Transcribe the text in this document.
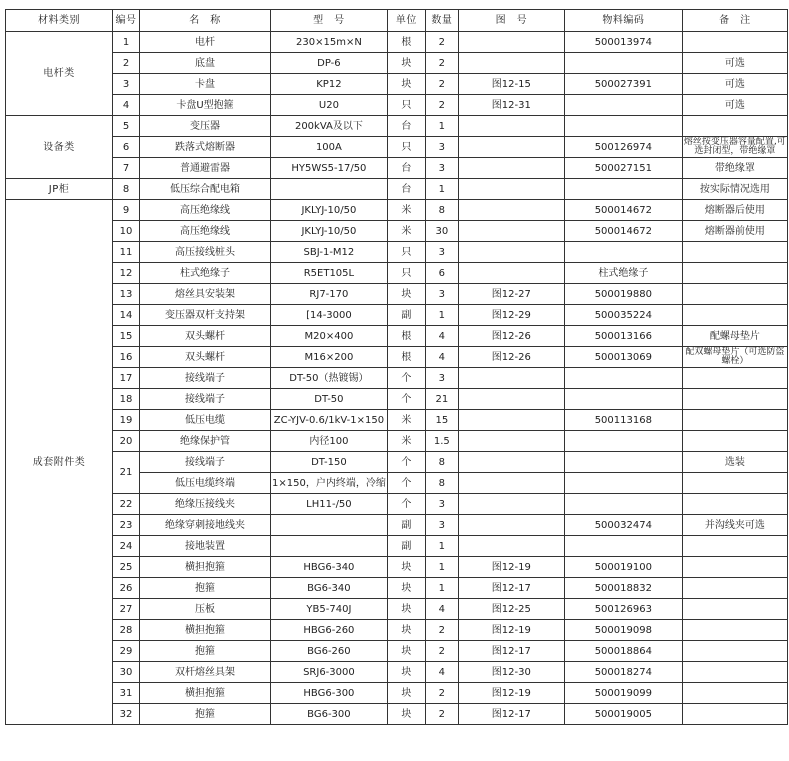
材料类别	编号	名　称	型　号	单位	数量	图　号	物料编码	备　注
电杆类	1	电杆	230×15m×N	根	2		500013974	
	2	底盘	DP-6	块	2			可选
	3	卡盘	KP12	块	2	图12-15	500027391	可选
	4	卡盘U型抱箍	U20	只	2	图12-31		可选
设备类	5	变压器	200kVA及以下	台	1			
	6	跌落式熔断器	100A	只	3		500126974	熔丝按变压器容量配置,可选封闭型，带绝缘罩
	7	普通避雷器	HY5WS5-17/50	台	3		500027151	带绝缘罩
JP柜	8	低压综合配电箱		台	1			按实际情况选用
成套附件类	9	高压绝缘线	JKLYJ-10/50	米	8		500014672	熔断器后使用
	10	高压绝缘线	JKLYJ-10/50	米	30		500014672	熔断器前使用
	11	高压接线桩头	SBJ-1-M12	只	3			
	12	柱式绝缘子	R5ET105L	只	6		柱式绝缘子	
	13	熔丝具安装架	RJ7-170	块	3	图12-27	500019880	
	14	变压器双杆支持架	[14-3000	副	1	图12-29	500035224	
	15	双头螺杆	M20×400	根	4	图12-26	500013166	配螺母垫片
	16	双头螺杆	M16×200	根	4	图12-26	500013069	配双螺母垫片（可选防盗螺栓）
	17	接线端子	DT-50（热镀锡）	个	3			
	18	接线端子	DT-50	个	21			
	19	低压电缆	ZC-YJV-0.6/1kV-1×150	米	15		500113168	
	20	绝缘保护管	内径100	米	1.5			
	21	接线端子	DT-150	个	8			选装
		低压电缆终端	1×150，户内终端，冷缩	个	8			
	22	绝缘压接线夹	LH11-/50	个	3			
	23	绝缘穿刺接地线夹		副	3		500032474	并沟线夹可选
	24	接地装置		副	1			
	25	横担抱箍	HBG6-340	块	1	图12-19	500019100	
	26	抱箍	BG6-340	块	1	图12-17	500018832	
	27	压板	YB5-740J	块	4	图12-25	500126963	
	28	横担抱箍	HBG6-260	块	2	图12-19	500019098	
	29	抱箍	BG6-260	块	2	图12-17	500018864	
	30	双杆熔丝具架	SRJ6-3000	块	4	图12-30	500018274	
	31	横担抱箍	HBG6-300	块	2	图12-19	500019099	
	32	抱箍	BG6-300	块	2	图12-17	500019005	
